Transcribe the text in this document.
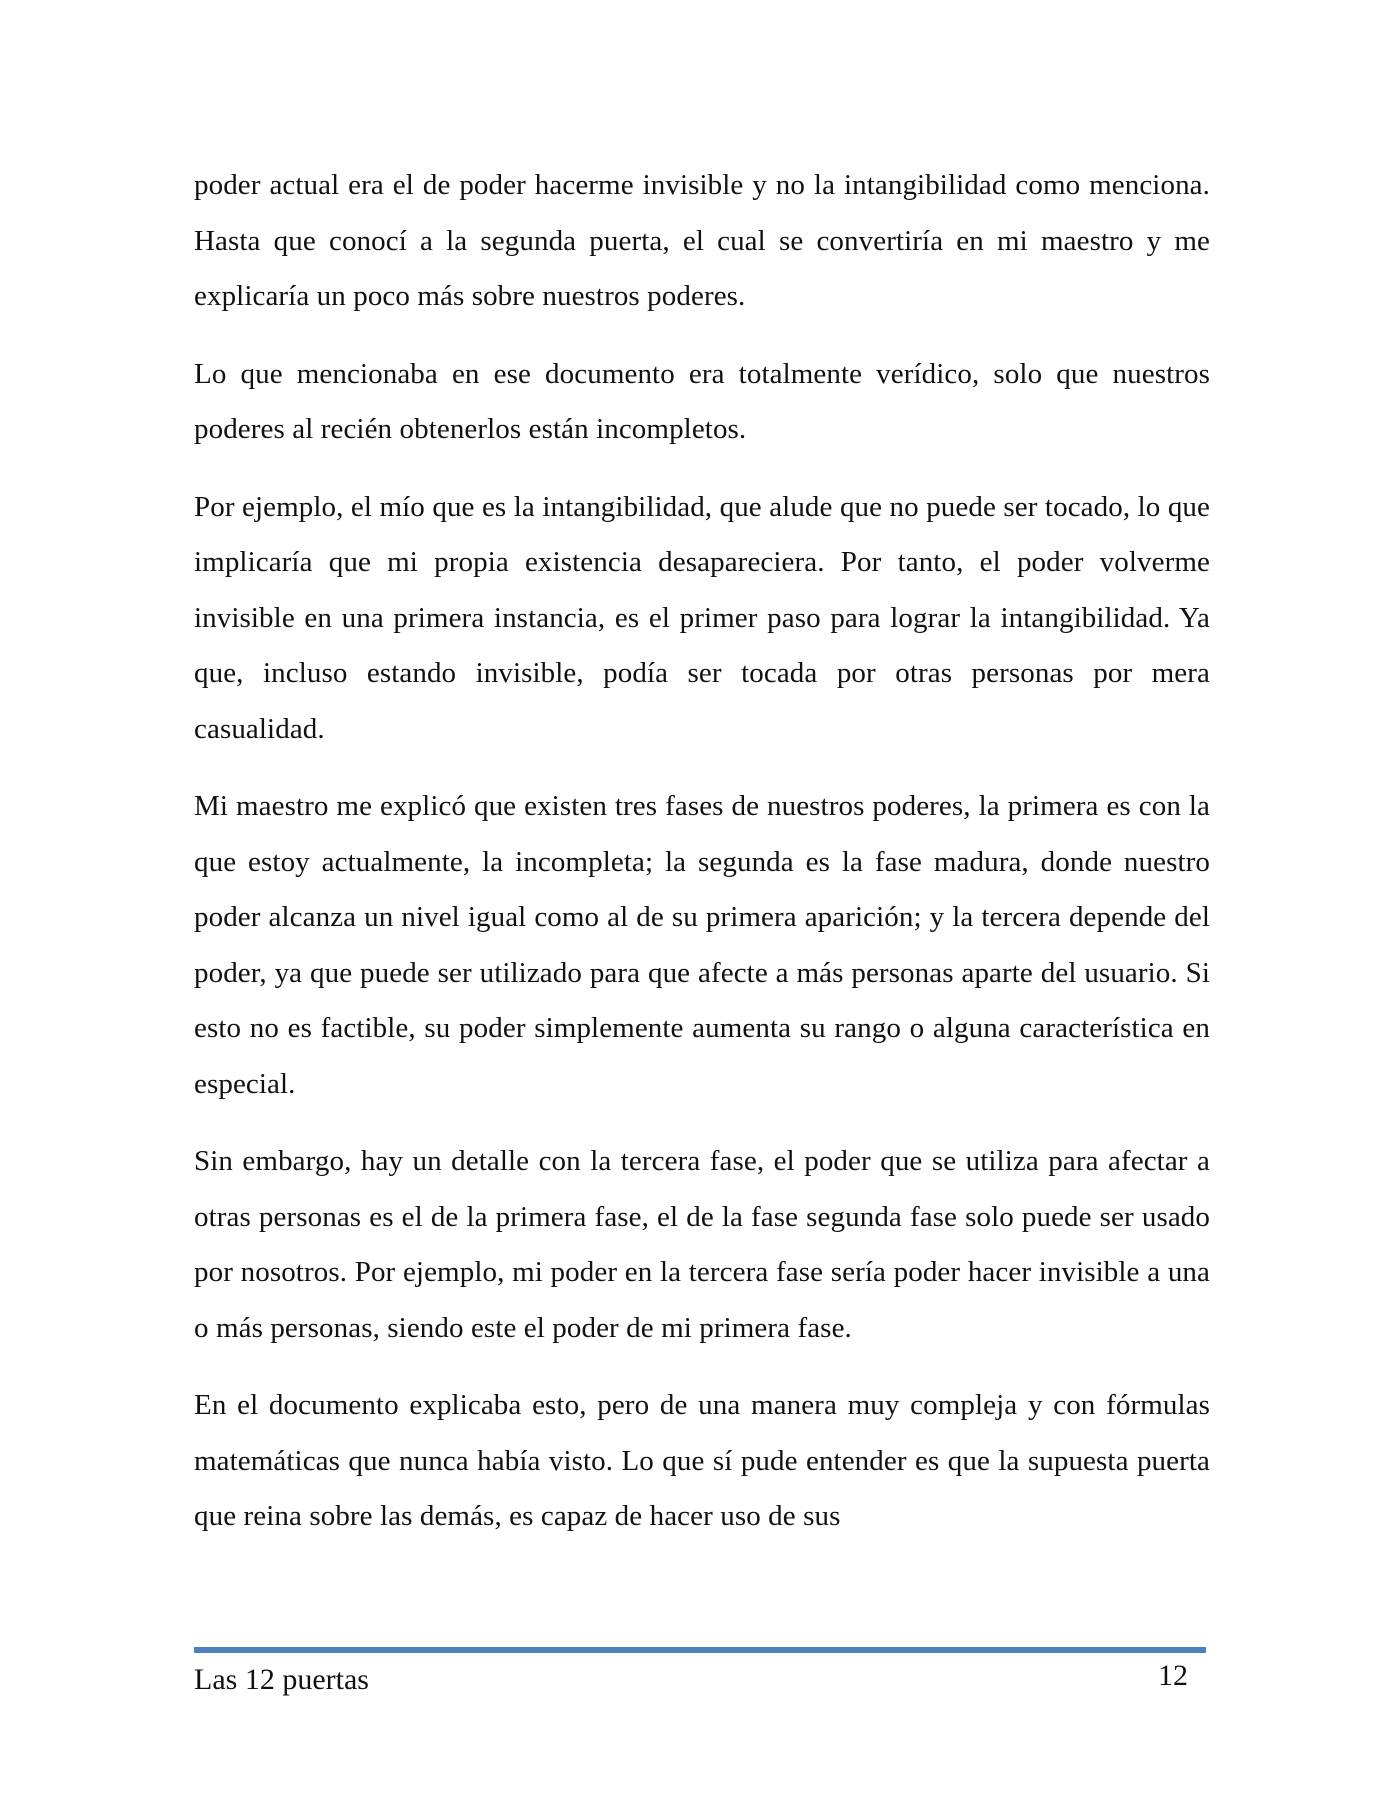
poder actual era el de poder hacerme invisible y no la intangibilidad como menciona. Hasta que conocí a la segunda puerta, el cual se convertiría en mi maestro y me explicaría un poco más sobre nuestros poderes.

Lo que mencionaba en ese documento era totalmente verídico, solo que nuestros poderes al recién obtenerlos están incompletos.

Por ejemplo, el mío que es la intangibilidad, que alude que no puede ser tocado, lo que implicaría que mi propia existencia desapareciera. Por tanto, el poder volverme invisible en una primera instancia, es el primer paso para lograr la intangibilidad. Ya que, incluso estando invisible, podía ser tocada por otras personas por mera casualidad.

Mi maestro me explicó que existen tres fases de nuestros poderes, la primera es con la que estoy actualmente, la incompleta; la segunda es la fase madura, donde nuestro poder alcanza un nivel igual como al de su primera aparición; y la tercera depende del poder, ya que puede ser utilizado para que afecte a más personas aparte del usuario. Si esto no es factible, su poder simplemente aumenta su rango o alguna característica en especial.

Sin embargo, hay un detalle con la tercera fase, el poder que se utiliza para afectar a otras personas es el de la primera fase, el de la fase segunda fase solo puede ser usado por nosotros. Por ejemplo, mi poder en la tercera fase sería poder hacer invisible a una o más personas, siendo este el poder de mi primera fase.

En el documento explicaba esto, pero de una manera muy compleja y con fórmulas matemáticas que nunca había visto. Lo que sí pude entender es que la supuesta puerta que reina sobre las demás, es capaz de hacer uso de sus

Las 12 puertas	12
